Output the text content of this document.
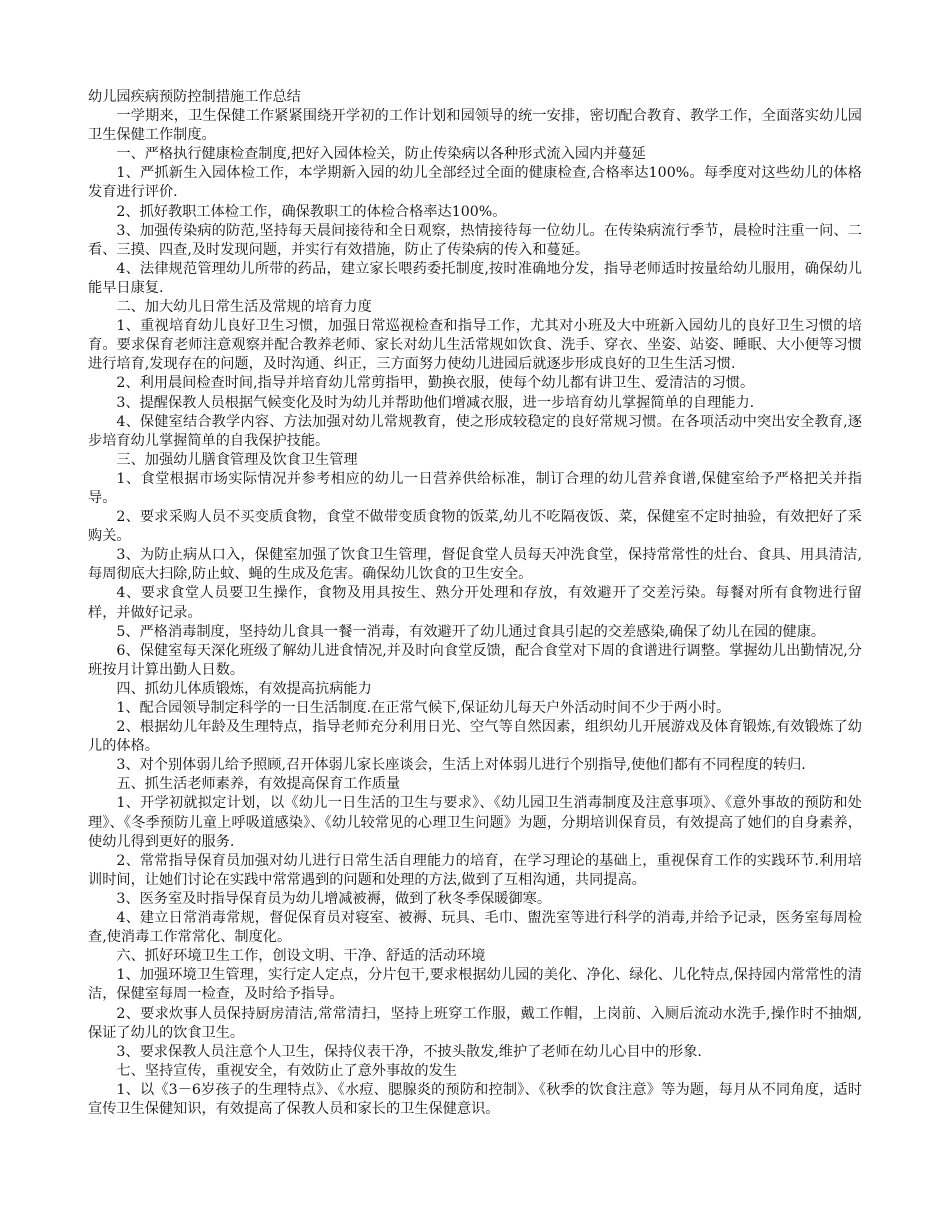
幼儿园疾病预防控制措施工作总结

一学期来，卫生保健工作紧紧围绕开学初的工作计划和园领导的统一安排，密切配合教育、教学工作，全面落实幼儿园卫生保健工作制度。

一、严格执行健康检查制度,把好入园体检关，防止传染病以各种形式流入园内并蔓延

1、严抓新生入园体检工作，本学期新入园的幼儿全部经过全面的健康检查,合格率达100%。每季度对这些幼儿的体格发育进行评价.

2、抓好教职工体检工作，确保教职工的体检合格率达100%。

3、加强传染病的防范,坚持每天晨间接待和全日观察，热情接待每一位幼儿。在传染病流行季节，晨检时注重一问、二看、三摸、四查,及时发现问题，并实行有效措施，防止了传染病的传入和蔓延。

4、法律规范管理幼儿所带的药品，建立家长喂药委托制度,按时准确地分发，指导老师适时按量给幼儿服用，确保幼儿能早日康复.

二、加大幼儿日常生活及常规的培育力度

1、重视培育幼儿良好卫生习惯，加强日常巡视检查和指导工作，尤其对小班及大中班新入园幼儿的良好卫生习惯的培育。要求保育老师注意观察并配合教养老师、家长对幼儿生活常规如饮食、洗手、穿衣、坐姿、站姿、睡眠、大小便等习惯进行培育,发现存在的问题，及时沟通、纠正，三方面努力使幼儿进园后就逐步形成良好的卫生生活习惯.

2、利用晨间检查时间,指导并培育幼儿常剪指甲，勤换衣服，使每个幼儿都有讲卫生、爱清洁的习惯。

3、提醒保教人员根据气候变化及时为幼儿并帮助他们增减衣服，进一步培育幼儿掌握简单的自理能力.

4、保健室结合教学内容、方法加强对幼儿常规教育，使之形成较稳定的良好常规习惯。在各项活动中突出安全教育,逐步培育幼儿掌握简单的自我保护技能。

三、加强幼儿膳食管理及饮食卫生管理

1、食堂根据市场实际情况并参考相应的幼儿一日营养供给标准，制订合理的幼儿营养食谱,保健室给予严格把关并指导。

2、要求采购人员不买变质食物，食堂不做带变质食物的饭菜,幼儿不吃隔夜饭、菜，保健室不定时抽验，有效把好了采购关。

3、为防止病从口入，保健室加强了饮食卫生管理，督促食堂人员每天冲洗食堂，保持常常性的灶台、食具、用具清洁,每周彻底大扫除,防止蚊、蝇的生成及危害。确保幼儿饮食的卫生安全。

4、要求食堂人员要卫生操作，食物及用具按生、熟分开处理和存放，有效避开了交差污染。每餐对所有食物进行留样，并做好记录。

5、严格消毒制度，坚持幼儿食具一餐一消毒，有效避开了幼儿通过食具引起的交差感染,确保了幼儿在园的健康。

6、保健室每天深化班级了解幼儿进食情况,并及时向食堂反馈，配合食堂对下周的食谱进行调整。掌握幼儿出勤情况,分班按月计算出勤人日数。

四、抓幼儿体质锻炼，有效提高抗病能力

1、配合园领导制定科学的一日生活制度.在正常气候下,保证幼儿每天户外活动时间不少于两小时。

2、根据幼儿年龄及生理特点，指导老师充分利用日光、空气等自然因素，组织幼儿开展游戏及体育锻炼,有效锻炼了幼儿的体格。

3、对个别体弱儿给予照顾,召开体弱儿家长座谈会，生活上对体弱儿进行个别指导,使他们都有不同程度的转归.

五、抓生活老师素养，有效提高保育工作质量

1、开学初就拟定计划，以《幼儿一日生活的卫生与要求》、《幼儿园卫生消毒制度及注意事项》、《意外事故的预防和处理》、《冬季预防儿童上呼吸道感染》、《幼儿较常见的心理卫生问题》为题，分期培训保育员，有效提高了她们的自身素养，使幼儿得到更好的服务.

2、常常指导保育员加强对幼儿进行日常生活自理能力的培育，在学习理论的基础上，重视保育工作的实践环节.利用培训时间，让她们讨论在实践中常常遇到的问题和处理的方法,做到了互相沟通，共同提高。

3、医务室及时指导保育员为幼儿增减被褥，做到了秋冬季保暖御寒。

4、建立日常消毒常规，督促保育员对寝室、被褥、玩具、毛巾、盥洗室等进行科学的消毒,并给予记录，医务室每周检查,使消毒工作常常化、制度化。

六、抓好环境卫生工作，创设文明、干净、舒适的活动环境

1、加强环境卫生管理，实行定人定点，分片包干,要求根据幼儿园的美化、净化、绿化、儿化特点,保持园内常常性的清洁，保健室每周一检查，及时给予指导。

2、要求炊事人员保持厨房清洁,常常清扫，坚持上班穿工作服，戴工作帽，上岗前、入厕后流动水洗手,操作时不抽烟,保证了幼儿的饮食卫生。

3、要求保教人员注意个人卫生，保持仪表干净，不披头散发,维护了老师在幼儿心目中的形象.

七、坚持宣传，重视安全，有效防止了意外事故的发生

1、以《3－6岁孩子的生理特点》、《水痘、腮腺炎的预防和控制》、《秋季的饮食注意》等为题，每月从不同角度，适时宣传卫生保健知识，有效提高了保教人员和家长的卫生保健意识。
